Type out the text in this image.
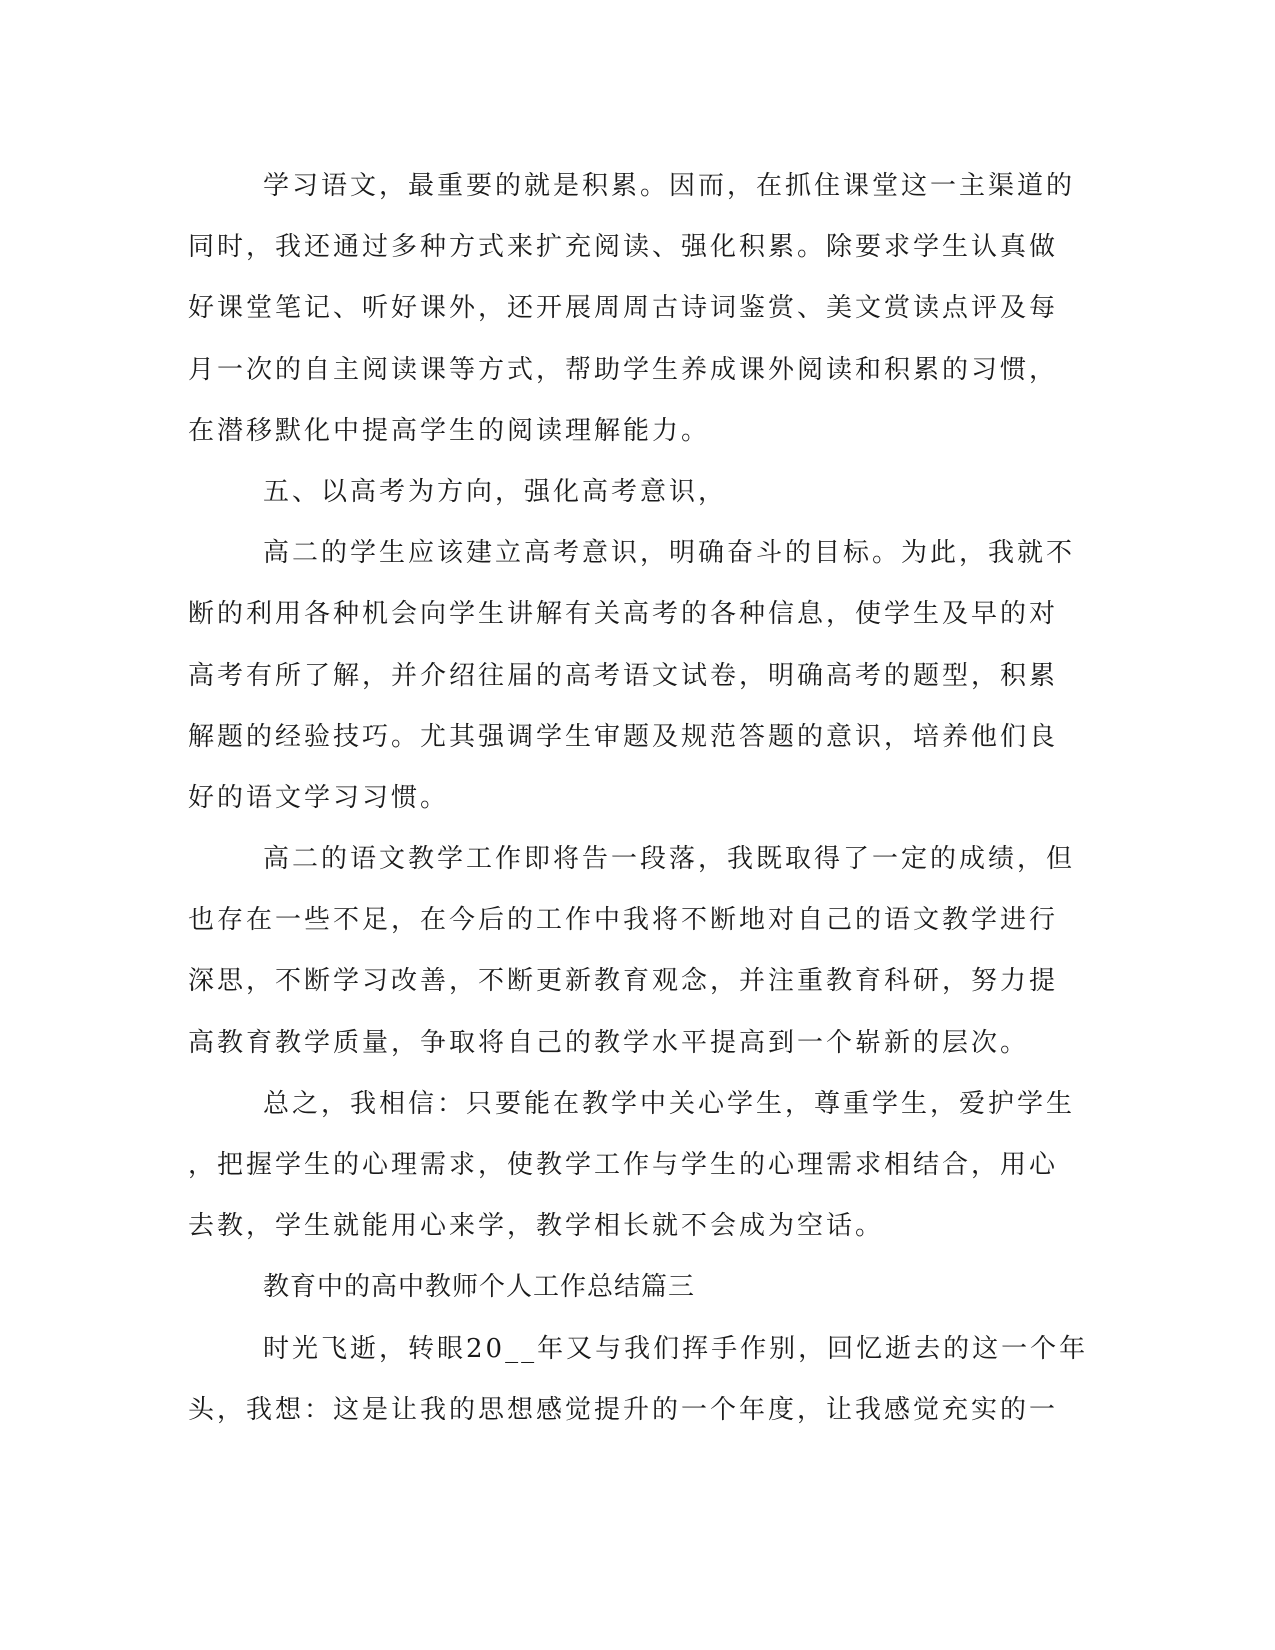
学习语文，最重要的就是积累。因而，在抓住课堂这一主渠道的
同时，我还通过多种方式来扩充阅读、强化积累。除要求学生认真做
好课堂笔记、听好课外，还开展周周古诗词鉴赏、美文赏读点评及每
月一次的自主阅读课等方式，帮助学生养成课外阅读和积累的习惯，
在潜移默化中提高学生的阅读理解能力。
五、以高考为方向，强化高考意识，
高二的学生应该建立高考意识，明确奋斗的目标。为此，我就不
断的利用各种机会向学生讲解有关高考的各种信息，使学生及早的对
高考有所了解，并介绍往届的高考语文试卷，明确高考的题型，积累
解题的经验技巧。尤其强调学生审题及规范答题的意识，培养他们良
好的语文学习习惯。
高二的语文教学工作即将告一段落，我既取得了一定的成绩，但
也存在一些不足，在今后的工作中我将不断地对自己的语文教学进行
深思，不断学习改善，不断更新教育观念，并注重教育科研，努力提
高教育教学质量，争取将自己的教学水平提高到一个崭新的层次。
总之，我相信：只要能在教学中关心学生，尊重学生，爱护学生
，把握学生的心理需求，使教学工作与学生的心理需求相结合，用心
去教，学生就能用心来学，教学相长就不会成为空话。
教育中的高中教师个人工作总结篇三
时光飞逝，转眼20__年又与我们挥手作别，回忆逝去的这一个年
头，我想：这是让我的思想感觉提升的一个年度，让我感觉充实的一
